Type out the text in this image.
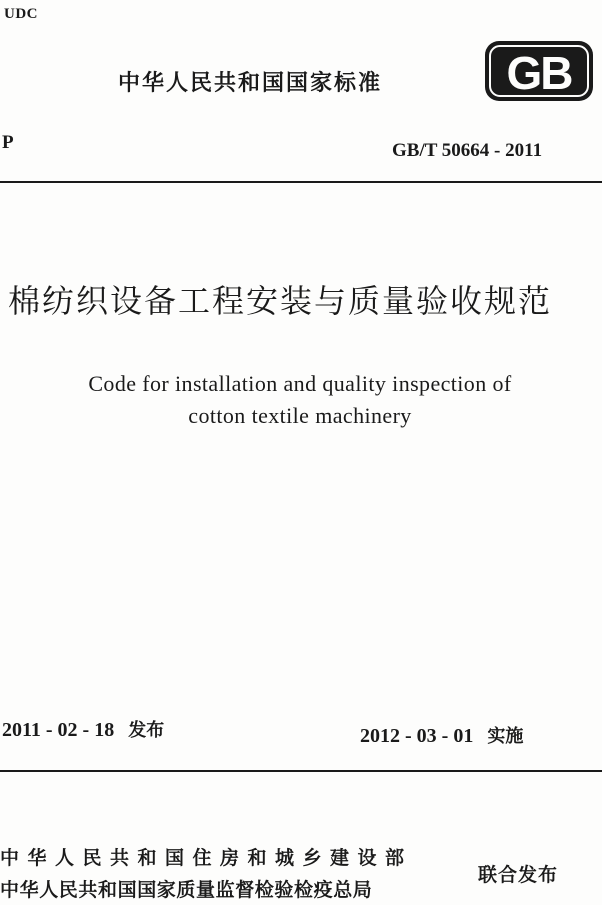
UDC
中华人民共和国国家标准	GB
P	GB/T 50664 - 2011
棉纺织设备工程安装与质量验收规范
Code for installation and quality inspection of
cotton textile machinery
2011 - 02 - 18 发布	2012 - 03 - 01 实施
中华人民共和国住房和城乡建设部
中华人民共和国国家质量监督检验检疫总局
联合发布
